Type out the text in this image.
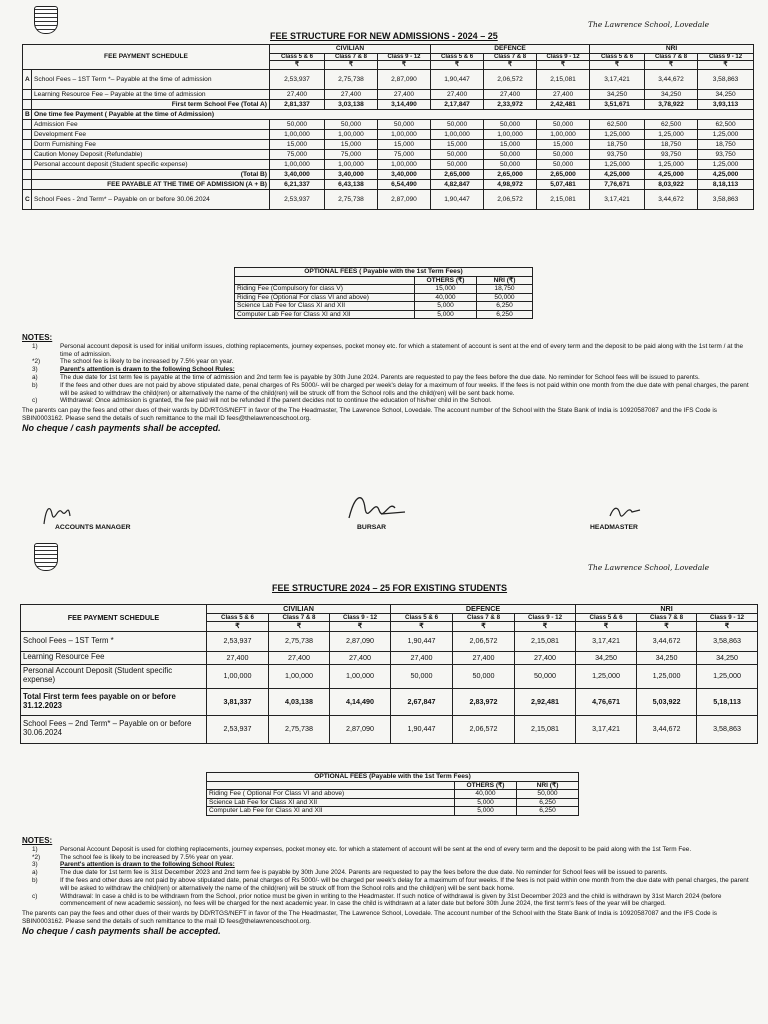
The Lawrence School, Lovedale
FEE STRUCTURE FOR NEW ADMISSIONS - 2024 – 25
FEE PAYMENT SCHEDULE		CIVILIAN			DEFENCE			NRI		
		Class 5 & 6	Class 7 & 8	Class 9 - 12	Class 5 & 6	Class 7 & 8	Class 9 - 12	Class 5 & 6	Class 7 & 8	Class 9 - 12
		₹	₹	₹	₹	₹	₹	₹	₹	₹
A	School Fees – 1ST Term *– Payable at the time of admission	2,53,937	2,75,738	2,87,090	1,90,447	2,06,572	2,15,081	3,17,421	3,44,672	3,58,863
	Learning Resource Fee – Payable at the time of admission	27,400	27,400	27,400	27,400	27,400	27,400	34,250	34,250	34,250
	First term School Fee (Total A)	2,81,337	3,03,138	3,14,490	2,17,847	2,33,972	2,42,481	3,51,671	3,78,922	3,93,113
B	One time fee Payment ( Payable at the time of Admission)									
	Admission Fee	50,000	50,000	50,000	50,000	50,000	50,000	62,500	62,500	62,500
	Development Fee	1,00,000	1,00,000	1,00,000	1,00,000	1,00,000	1,00,000	1,25,000	1,25,000	1,25,000
	Dorm Furnishing Fee	15,000	15,000	15,000	15,000	15,000	15,000	18,750	18,750	18,750
	Caution Money Deposit (Refundable)	75,000	75,000	75,000	50,000	50,000	50,000	93,750	93,750	93,750
	Personal account deposit (Student specific expense)	1,00,000	1,00,000	1,00,000	50,000	50,000	50,000	1,25,000	1,25,000	1,25,000
	(Total B)	3,40,000	3,40,000	3,40,000	2,65,000	2,65,000	2,65,000	4,25,000	4,25,000	4,25,000
	FEE PAYABLE AT THE TIME OF ADMISSION (A + B)	6,21,337	6,43,138	6,54,490	4,82,847	4,98,972	5,07,481	7,76,671	8,03,922	8,18,113
C	School Fees - 2nd Term* – Payable on or before 30.06.2024	2,53,937	2,75,738	2,87,090	1,90,447	2,06,572	2,15,081	3,17,421	3,44,672	3,58,863
OPTIONAL FEES ( Payable with the 1st Term Fees)		
	OTHERS (₹)	NRI (₹)
Riding Fee (Compulsory for class V)	15,000	18,750
Riding Fee (Optional For class VI and above)	40,000	50,000
Science Lab Fee for Class XI and XII	5,000	6,250
Computer Lab Fee for Class XI and XII	5,000	6,250
NOTES:

1)	Personal account deposit is used for initial uniform issues, clothing replacements, journey expenses, pocket money etc. for which a statement of account is sent at the end of every term and the deposit to be paid along with the 1st term / at the time of admission.

*2)	The school fee is likely to be increased by 7.5% year on year.

3)	Parent's attention is drawn to the following School Rules:

a)	The due date for 1st term fee is payable at the time of admission and 2nd term fee is payable by 30th June 2024. Parents are requested to pay the fees before the due date. No reminder for School fees will be issued to parents.

b)	If the fees and other dues are not paid by above stipulated date, penal charges of Rs 5000/- will be charged per week's delay for a maximum of four weeks. If the fees is not paid within one month from the due date with penal charges, the parent will be asked to withdraw the child(ren) or alternatively the name of the child(ren) will be struck off from the School rolls and the child(ren) will be sent back home.

c)	Withdrawal: Once admission is granted, the fee paid will not be refunded if the parent decides not to continue the education of his/her child in the School.

The parents can pay the fees and other dues of their wards by DD/RTGS/NEFT in favor of the The Headmaster, The Lawrence School, Lovedale. The account number of the School with the State Bank of India is 10920587087 and the IFS Code is SBIN0003162. Please send the details of such remittance to the mail ID fees@thelawrenceschool.org.

No cheque / cash payments shall be accepted.
ACCOUNTS MANAGER	BURSAR	HEADMASTER
The Lawrence School, Lovedale
FEE STRUCTURE 2024 – 25 FOR EXISTING STUDENTS
FEE PAYMENT SCHEDULE	CIVILIAN			DEFENCE			NRI		
	Class 5 & 6	Class 7 & 8	Class 9 - 12	Class 5 & 6	Class 7 & 8	Class 9 - 12	Class 5 & 6	Class 7 & 8	Class 9 - 12
	₹	₹	₹	₹	₹	₹	₹	₹	₹
School Fees – 1ST Term *	2,53,937	2,75,738	2,87,090	1,90,447	2,06,572	2,15,081	3,17,421	3,44,672	3,58,863
Learning Resource Fee	27,400	27,400	27,400	27,400	27,400	27,400	34,250	34,250	34,250
Personal Account Deposit (Student specific expense)	1,00,000	1,00,000	1,00,000	50,000	50,000	50,000	1,25,000	1,25,000	1,25,000
Total First term fees payable on or before 31.12.2023	3,81,337	4,03,138	4,14,490	2,67,847	2,83,972	2,92,481	4,76,671	5,03,922	5,18,113
School Fees – 2nd Term* – Payable on or before 30.06.2024	2,53,937	2,75,738	2,87,090	1,90,447	2,06,572	2,15,081	3,17,421	3,44,672	3,58,863
OPTIONAL FEES (Payable with the 1st Term Fees)		
	OTHERS (₹)	NRI (₹)
Riding Fee ( Optional For Class VI and above)	40,000	50,000
Science Lab Fee for Class XI and XII	5,000	6,250
Computer Lab Fee for Class XI and XII	5,000	6,250
NOTES:

1)	Personal Account Deposit is used for clothing replacements, journey expenses, pocket money etc. for which a statement of account will be sent at the end of every term and the deposit to be paid along with the 1st Term Fee.

*2)	The school fee is likely to be increased by 7.5% year on year.

3)	Parent's attention is drawn to the following School Rules:

a)	The due date for 1st term fee is 31st December 2023 and 2nd term fee is payable by 30th June 2024. Parents are requested to pay the fees before the due date. No reminder for School fees will be issued to parents.

b)	If the fees and other dues are not paid by above stipulated date, penal charges of Rs 5000/- will be charged per week's delay for a maximum of four weeks. If the fees is not paid within one month from the due date with penal charges, the parent will be asked to withdraw the child(ren) or alternatively the name of the child(ren) will be struck off from the School rolls and the child(ren) will be sent back home.

c)	Withdrawal: In case a child is to be withdrawn from the School, prior notice must be given in writing to the Headmaster. If such notice of withdrawal is given by 31st December 2023 and the child is withdrawn by 31st March 2024 (before commencement of new academic session), no fees will be charged for the next academic year. In case the child is withdrawn at a later date but before 30th June 2024, the first term's fees of the year will be charged.

The parents can pay the fees and other dues of their wards by DD/RTGS/NEFT in favor of the The Headmaster, The Lawrence School, Lovedale. The account number of the School with the State Bank of India is 10920587087 and the IFS Code is SBIN0003162. Please send the details of such remittance to the mail ID fees@thelawrenceschool.org.

No cheque / cash payments shall be accepted.
